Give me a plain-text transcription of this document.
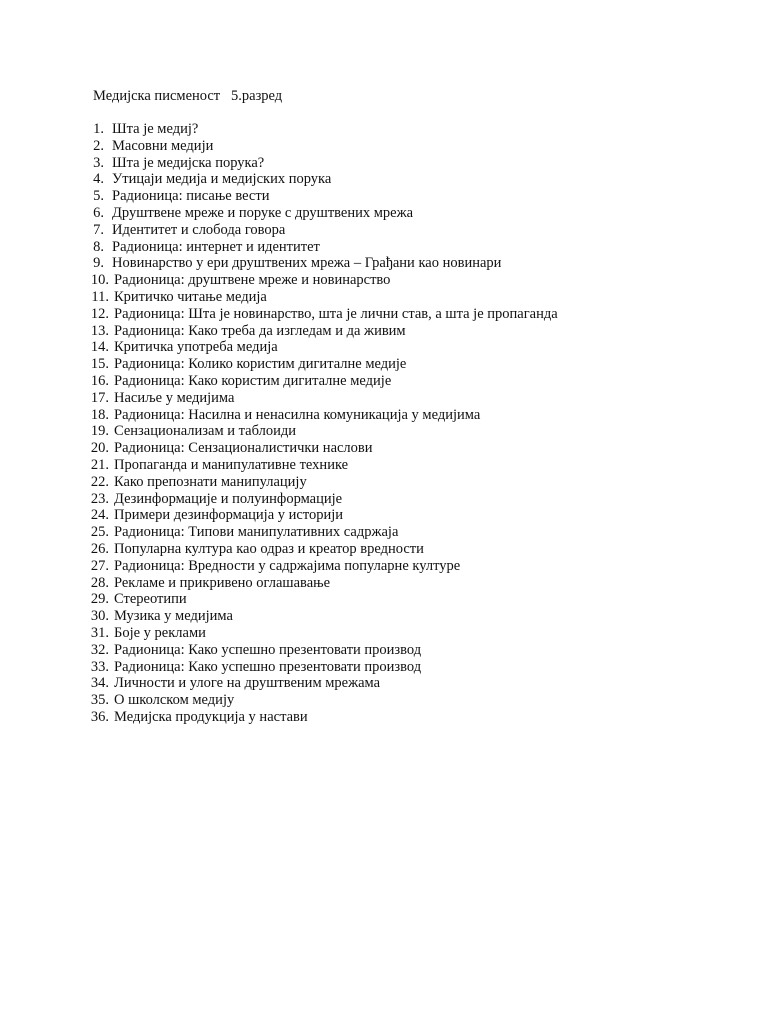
Медијска писменост   5.разред
1. Шта је медиј?
2. Масовни медији
3. Шта је медијска порука?
4. Утицаји медија и медијских порука
5. Радионица: писање вести
6. Друштвене мреже и поруке с друштвених мрежа
7. Идентитет и слобода говора
8. Радионица: интернет и идентитет
9. Новинарство у ери друштвених мрежа – Грађани као новинари
10. Радионица: друштвене мреже и новинарство
11. Критичко читање медија
12. Радионица: Шта је новинарство, шта је лични став, а шта је пропаганда
13. Радионица: Како треба да изгледам и да живим
14. Критичка употреба медија
15. Радионица: Колико користим дигиталне медије
16. Радионица: Како користим дигиталне медије
17. Насиље у медијима
18. Радионица: Насилна и ненасилна комуникација у медијима
19. Сензационализам и таблоиди
20. Радионица: Сензационалистички наслови
21. Пропаганда и манипулативне технике
22. Како препознати манипулацију
23. Дезинформације и полуинформације
24. Примери дезинформација у историји
25. Радионица: Типови манипулативних садржаја
26. Популарна култура као одраз и креатор вредности
27. Радионица: Вредности у садржајима популарне културе
28. Рекламе и прикривено оглашавање
29. Стереотипи
30. Музика у медијима
31. Боје у реклами
32. Радионица: Како успешно презентовати производ
33. Радионица: Како успешно презентовати производ
34. Личности и улоге на друштвеним мрежама
35. О школском медију
36. Медијска продукција у настави
